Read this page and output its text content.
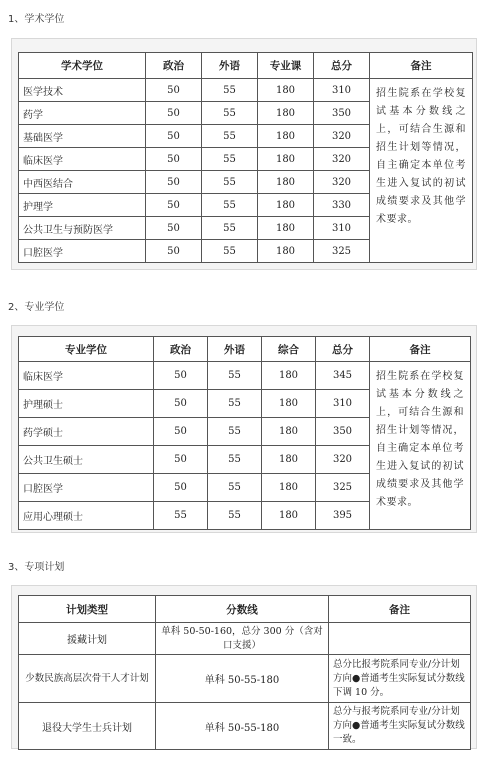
1、学术学位
学术学位	政治	外语	专业课	总分	备注
医学技术	50	55	180	310	招生院系在学校复试基本分数线之上，可结合生源和招生计划等情况，自主确定本单位考生进入复试的初试成绩要求及其他学术要求。
药学	50	55	180	350	
基础医学	50	55	180	320	
临床医学	50	55	180	320	
中西医结合	50	55	180	320	
护理学	50	55	180	330	
公共卫生与预防医学	50	55	180	310	
口腔医学	50	55	180	325	
2、专业学位
专业学位	政治	外语	综合	总分	备注
临床医学	50	55	180	345	招生院系在学校复试基本分数线之上，可结合生源和招生计划等情况，自主确定本单位考生进入复试的初试成绩要求及其他学术要求。
护理硕士	50	55	180	310	
药学硕士	50	55	180	350	
公共卫生硕士	50	55	180	320	
口腔医学	50	55	180	325	
应用心理硕士	55	55	180	395	
3、专项计划
计划类型	分数线	备注
援藏计划	单科 50-50-160，总分 300 分（含对口支援）	
少数民族高层次骨干人才计划	单科 50-55-180	总分比报考院系同专业/分计划方向●普通考生实际复试分数线下调 10 分。
退役大学生士兵计划	单科 50-55-180	总分与报考院系同专业/分计划方向●普通考生实际复试分数线一致。
